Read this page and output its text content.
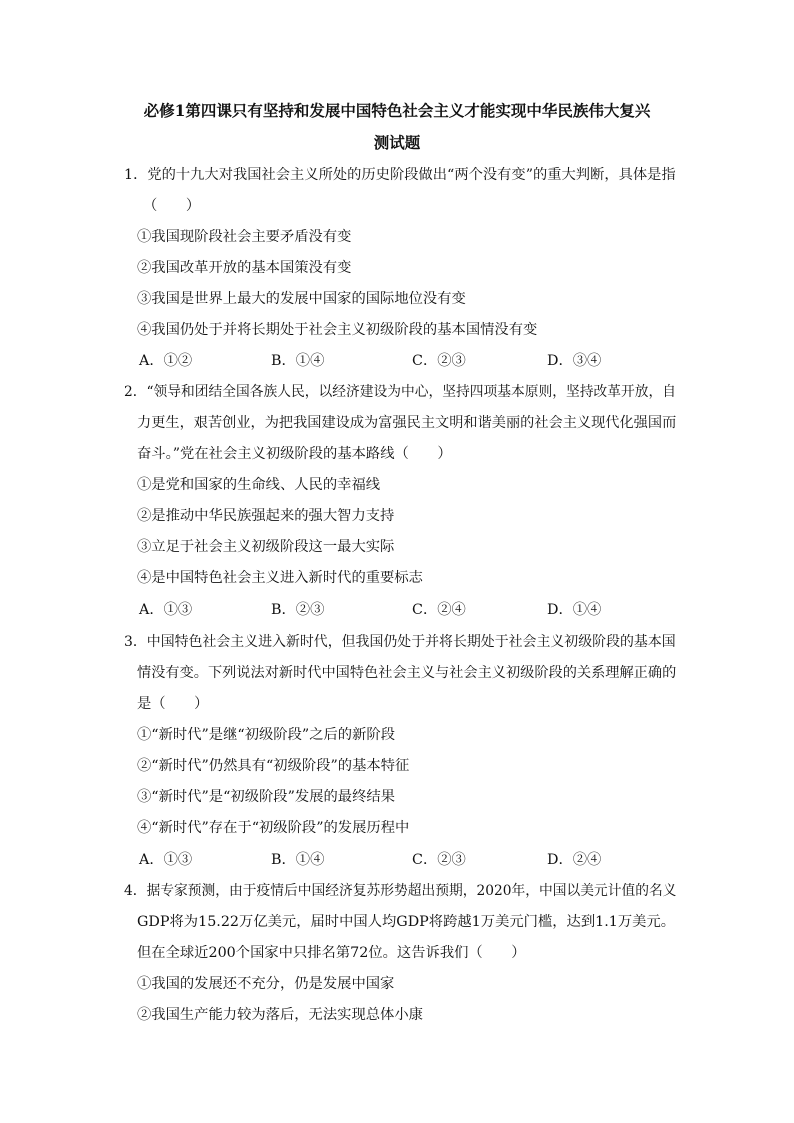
必修1第四课只有坚持和发展中国特色社会主义才能实现中华民族伟大复兴
测试题
1．党的十九大对我国社会主义所处的历史阶段做出“两个没有变”的重大判断，具体是指
（　　）
①我国现阶段社会主要矛盾没有变
②我国改革开放的基本国策没有变
③我国是世界上最大的发展中国家的国际地位没有变
④我国仍处于并将长期处于社会主义初级阶段的基本国情没有变
A．①②	B．①④	C．②③	D．③④
2．“领导和团结全国各族人民，以经济建设为中心，坚持四项基本原则，坚持改革开放，自
力更生，艰苦创业，为把我国建设成为富强民主文明和谐美丽的社会主义现代化强国而
奋斗。”党在社会主义初级阶段的基本路线（　　）
①是党和国家的生命线、人民的幸福线
②是推动中华民族强起来的强大智力支持
③立足于社会主义初级阶段这一最大实际
④是中国特色社会主义进入新时代的重要标志
A．①③	B．②③	C．②④	D．①④
3．中国特色社会主义进入新时代，但我国仍处于并将长期处于社会主义初级阶段的基本国
情没有变。下列说法对新时代中国特色社会主义与社会主义初级阶段的关系理解正确的
是（　　）
①“新时代”是继“初级阶段”之后的新阶段
②“新时代”仍然具有“初级阶段”的基本特征
③“新时代”是“初级阶段”发展的最终结果
④“新时代”存在于“初级阶段”的发展历程中
A．①③	B．①④	C．②③	D．②④
4．据专家预测，由于疫情后中国经济复苏形势超出预期，2020年，中国以美元计值的名义
GDP将为15.22万亿美元，届时中国人均GDP将跨越1万美元门槛，达到1.1万美元。
但在全球近200个国家中只排名第72位。这告诉我们（　　）
①我国的发展还不充分，仍是发展中国家
②我国生产能力较为落后，无法实现总体小康
